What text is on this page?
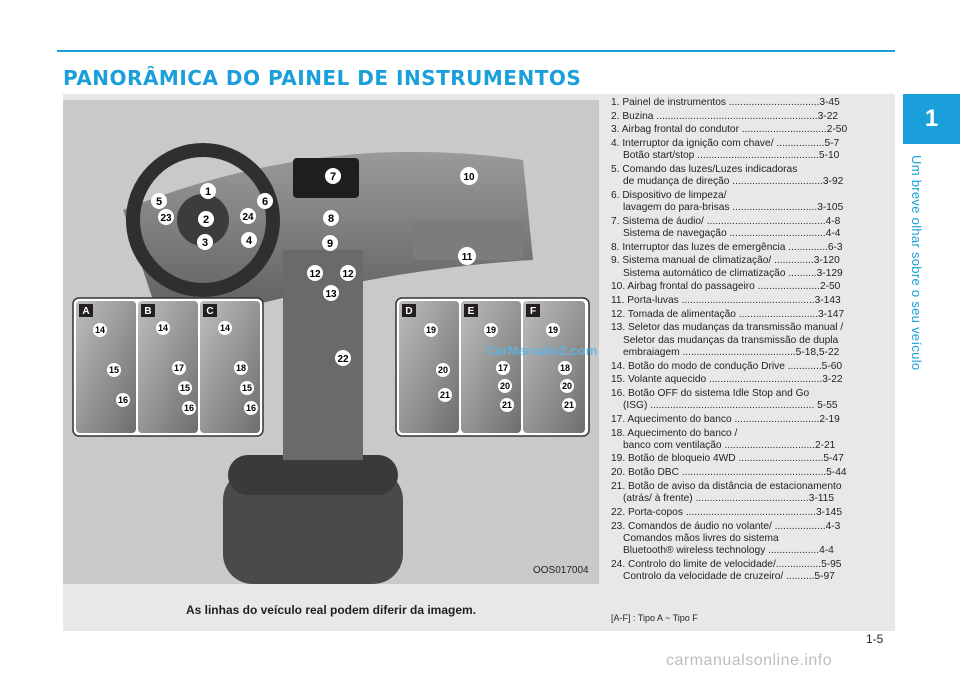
PANORÂMICA DO PAINEL DE INSTRUMENTOS
1
Um breve olhar sobre o seu veículo
1
2
3	4
5	6
7
8
9
10
11
12 12
13
22
23	24
A	B	C
14
15
16
14
17
15
16
14
18
15
16
D	E	F
19
20
21
19
17
20
21
19
18
20
21
OOS017004
As linhas do veículo real podem diferir da imagem.
CarManuals2.com
1. Painel de instrumentos ................................3-45
2. Buzina .........................................................3-22
3. Airbag frontal do condutor ..............................2-50
4. Interruptor da ignição com chave/ .................5-7
Botão start/stop ...........................................5-10
5. Comando das luzes/Luzes indicadoras
de mudança de direção ................................3-92
6. Dispositivo de limpeza/
lavagem do para-brisas ..............................3-105
7. Sistema de áudio/ ..........................................4-8
Sistema de navegação ..................................4-4
8. Interruptor das luzes de emergência ..............6-3
9. Sistema manual de climatização/ ..............3-120
Sistema automático de climatização ..........3-129
10. Airbag frontal do passageiro ......................2-50
11. Porta-luvas ...............................................3-143
12. Tomada de alimentação ............................3-147
13. Seletor das mudanças da transmissão manual /
Seletor das mudanças da transmissão de dupla
embraiagem ........................................5-18,5-22
14. Botão do modo de condução Drive ............5-60
15. Volante aquecido ........................................3-22
16. Botão OFF do sistema Idle Stop and Go
(ISG) .......................................................... 5-55
17. Aquecimento do banco ..............................2-19
18. Aquecimento do banco /
banco com ventilação ................................2-21
19. Botão de bloqueio 4WD ..............................5-47
20. Botão DBC ...................................................5-44
21. Botão de aviso da distância de estacionamento
(atrás/ à frente) ........................................3-115
22. Porta-copos ..............................................3-145
23. Comandos de áudio no volante/ ..................4-3
Comandos mãos livres do sistema
Bluetooth® wireless technology ..................4-4
24. Controlo do limite de velocidade/................5-95
Controlo da velocidade de cruzeiro/ ..........5-97
[A-F] : Tipo A ~ Tipo F
1-5
carmanualsonline.info
